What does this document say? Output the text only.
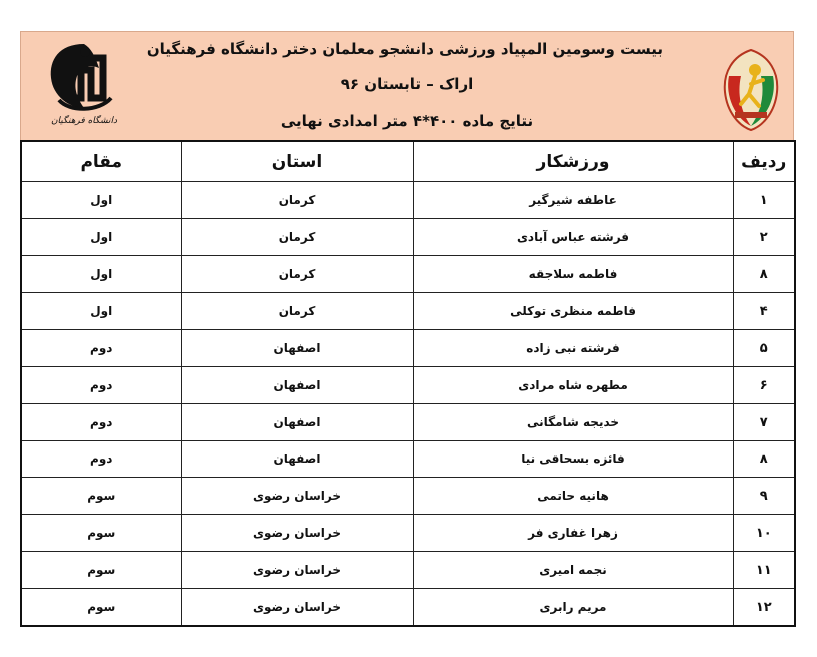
دانشگاه فرهنگیان
بیست وسومین المپیاد ورزشی دانشجو معلمان دختر دانشگاه فرهنگیان
اراک – تابستان ۹۶
نتایج ماده ۴۰۰*۴ متر امدادی نهایی
ردیف	ورزشکار	استان	مقام
۱	عاطفه شیرگیر	کرمان	اول
۲	فرشته عباس آبادی	کرمان	اول
۸	فاطمه سلاجقه	کرمان	اول
۴	فاطمه منظری توکلی	کرمان	اول
۵	فرشته نبی زاده	اصفهان	دوم
۶	مطهره شاه مرادی	اصفهان	دوم
۷	خدیجه شامگانی	اصفهان	دوم
۸	فائزه بسحاقی نیا	اصفهان	دوم
۹	هانیه حاتمی	خراسان رضوی	سوم
۱۰	زهرا غفاری فر	خراسان رضوی	سوم
۱۱	نجمه امیری	خراسان رضوی	سوم
۱۲	مریم رابری	خراسان رضوی	سوم
